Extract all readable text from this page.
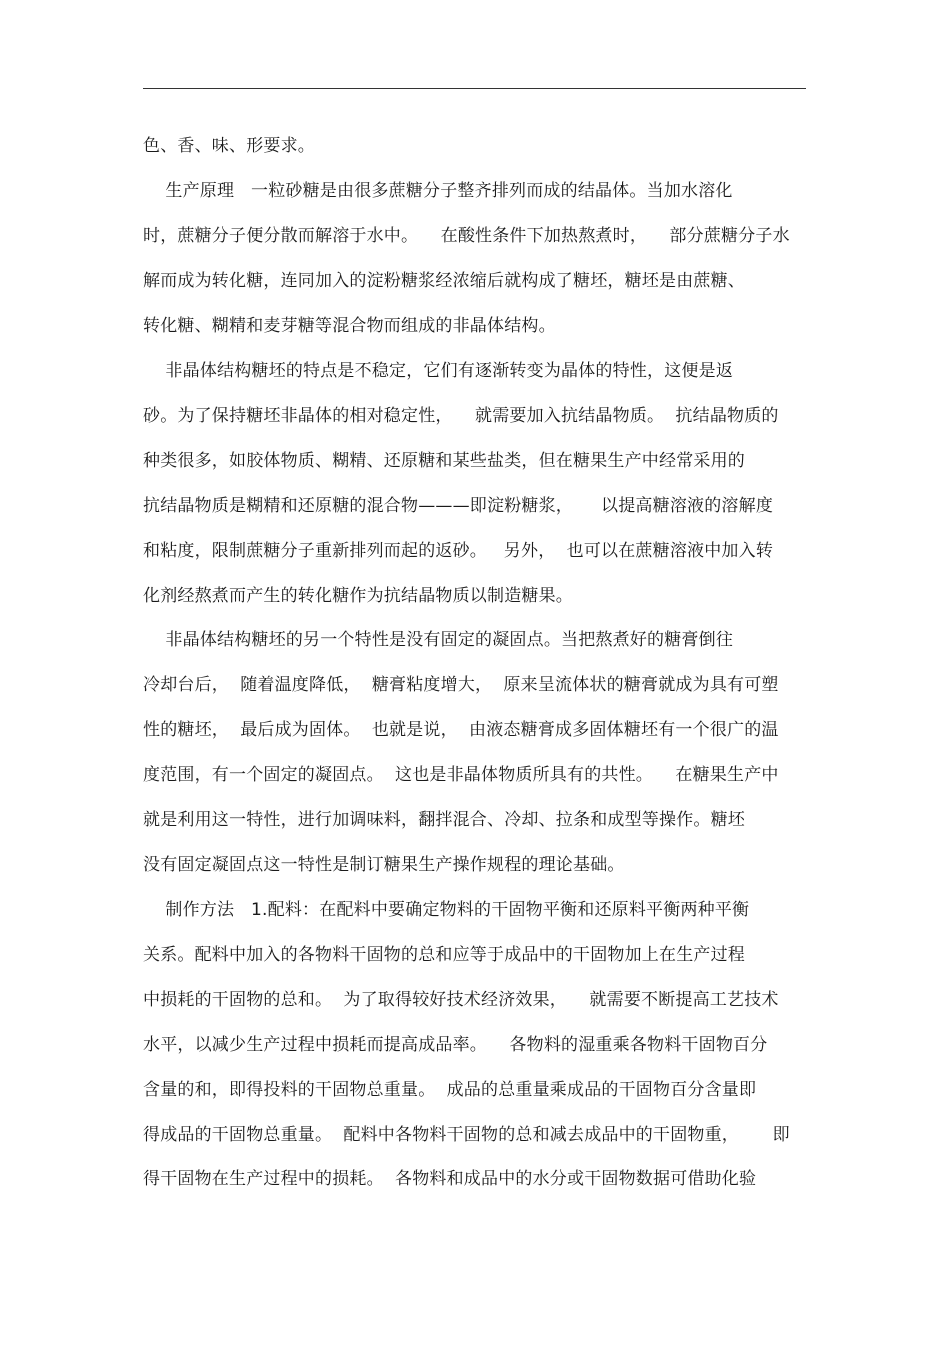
色、香、味、形要求。
生产原理   一粒砂糖是由很多蔗糖分子整齐排列而成的结晶体。当加水溶化
时，蔗糖分子便分散而解溶于水中。    在酸性条件下加热熬煮时，    部分蔗糖分子水
解而成为转化糖，连同加入的淀粉糖浆经浓缩后就构成了糖坯，糖坯是由蔗糖、
转化糖、糊精和麦芽糖等混合物而组成的非晶体结构。
非晶体结构糖坯的特点是不稳定，它们有逐渐转变为晶体的特性，这便是返
砂。为了保持糖坯非晶体的相对稳定性，    就需要加入抗结晶物质。  抗结晶物质的
种类很多，如胶体物质、糊精、还原糖和某些盐类，但在糖果生产中经常采用的
抗结晶物质是糊精和还原糖的混合物———即淀粉糖浆，     以提高糖溶液的溶解度
和粘度，限制蔗糖分子重新排列而起的返砂。   另外，  也可以在蔗糖溶液中加入转
化剂经熬煮而产生的转化糖作为抗结晶物质以制造糖果。
非晶体结构糖坯的另一个特性是没有固定的凝固点。当把熬煮好的糖膏倒往
冷却台后，  随着温度降低，  糖膏粘度增大，  原来呈流体状的糖膏就成为具有可塑
性的糖坯，  最后成为固体。  也就是说，  由液态糖膏成多固体糖坯有一个很广的温
度范围，有一个固定的凝固点。  这也是非晶体物质所具有的共性。    在糖果生产中
就是利用这一特性，进行加调味料，翻拌混合、冷却、拉条和成型等操作。糖坯
没有固定凝固点这一特性是制订糖果生产操作规程的理论基础。
制作方法   1.配料：在配料中要确定物料的干固物平衡和还原料平衡两种平衡
关系。配料中加入的各物料干固物的总和应等于成品中的干固物加上在生产过程
中损耗的干固物的总和。  为了取得较好技术经济效果，    就需要不断提高工艺技术
水平，以减少生产过程中损耗而提高成品率。    各物料的湿重乘各物料干固物百分
含量的和，即得投料的干固物总重量。  成品的总重量乘成品的干固物百分含量即
得成品的干固物总重量。  配料中各物料干固物的总和减去成品中的干固物重，      即
得干固物在生产过程中的损耗。  各物料和成品中的水分或干固物数据可借助化验
